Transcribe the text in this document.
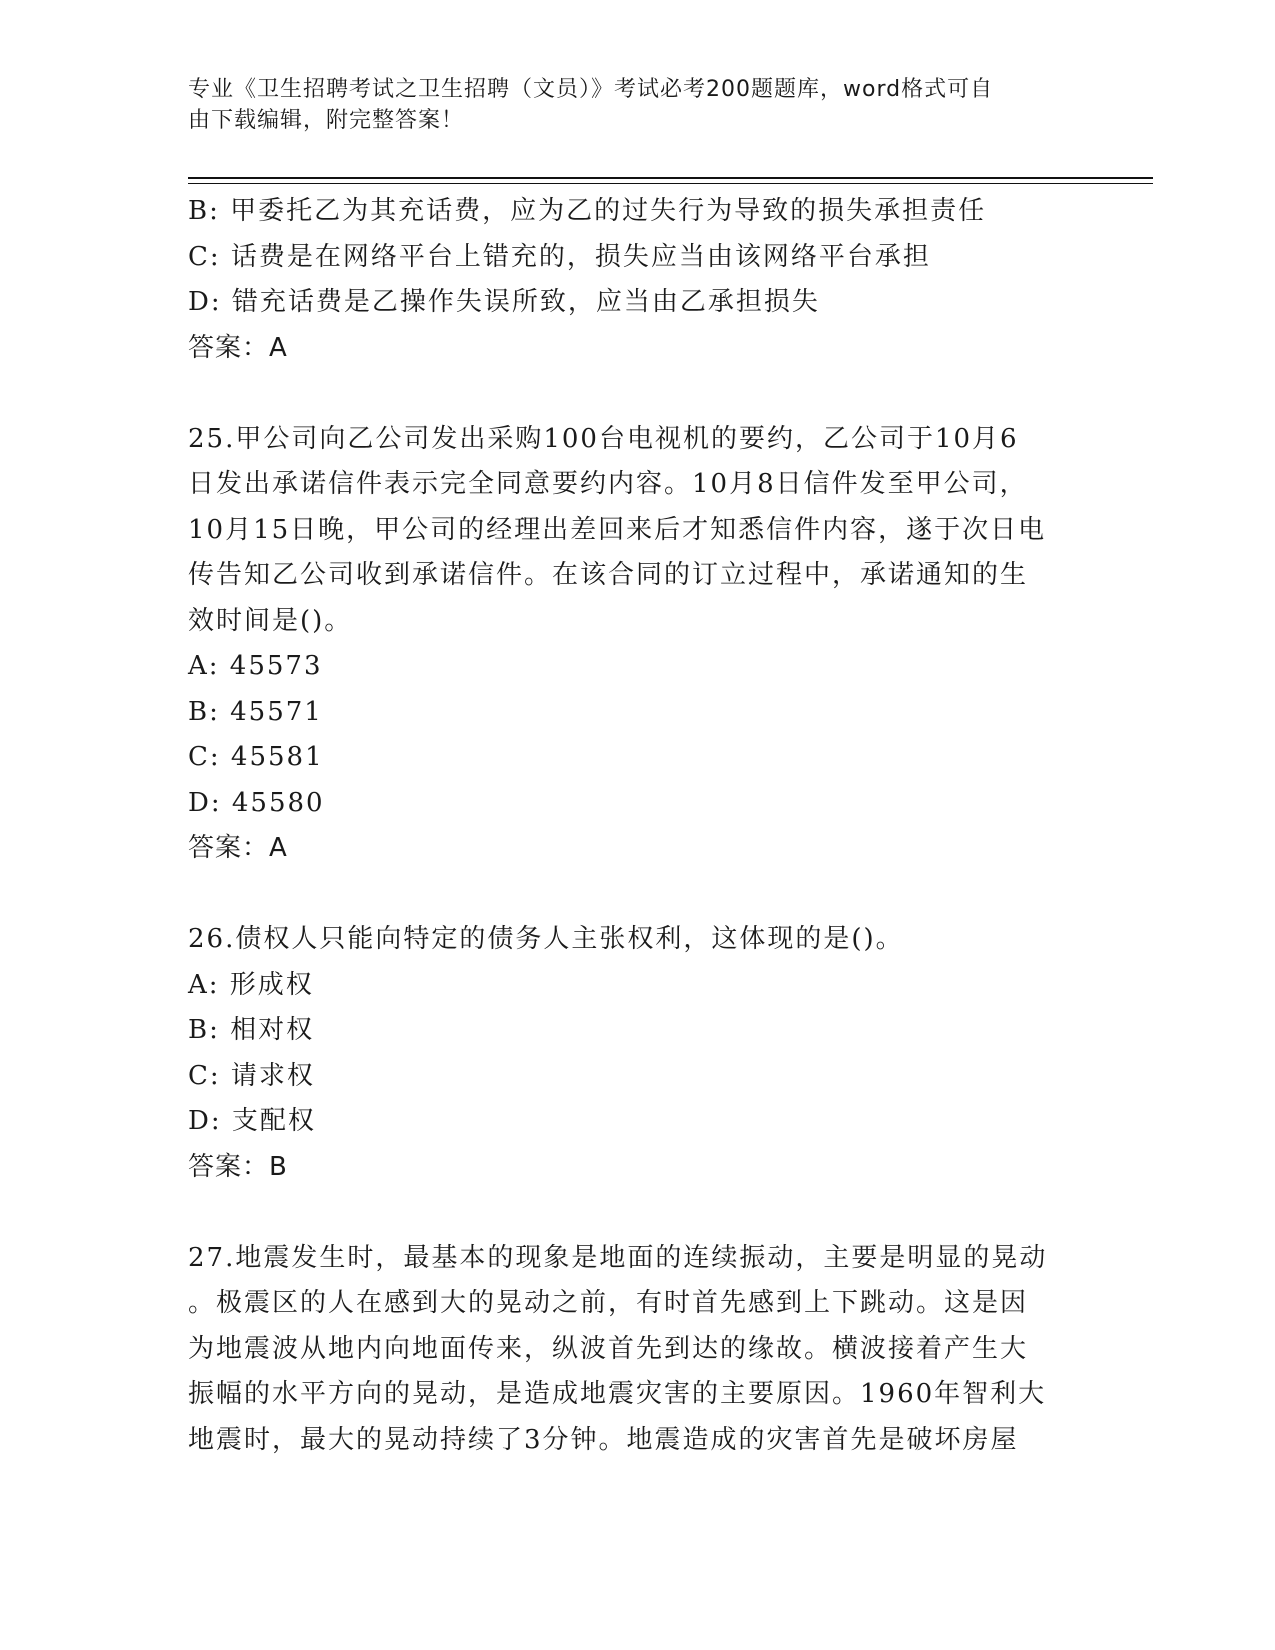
专业《卫生招聘考试之卫生招聘（文员）》考试必考200题题库，word格式可自
由下载编辑，附完整答案！
B: 甲委托乙为其充话费，应为乙的过失行为导致的损失承担责任
C: 话费是在网络平台上错充的，损失应当由该网络平台承担
D: 错充话费是乙操作失误所致，应当由乙承担损失
答案：A
25.甲公司向乙公司发出采购100台电视机的要约，乙公司于10月6
日发出承诺信件表示完全同意要约内容。10月8日信件发至甲公司，
10月15日晚，甲公司的经理出差回来后才知悉信件内容，遂于次日电
传告知乙公司收到承诺信件。在该合同的订立过程中，承诺通知的生
效时间是()。
A: 45573
B: 45571
C: 45581
D: 45580
答案：A
26.债权人只能向特定的债务人主张权利，这体现的是()。
A: 形成权
B: 相对权
C: 请求权
D: 支配权
答案：B
27.地震发生时，最基本的现象是地面的连续振动，主要是明显的晃动
。极震区的人在感到大的晃动之前，有时首先感到上下跳动。这是因
为地震波从地内向地面传来，纵波首先到达的缘故。横波接着产生大
振幅的水平方向的晃动，是造成地震灾害的主要原因。1960年智利大
地震时，最大的晃动持续了3分钟。地震造成的灾害首先是破坏房屋
